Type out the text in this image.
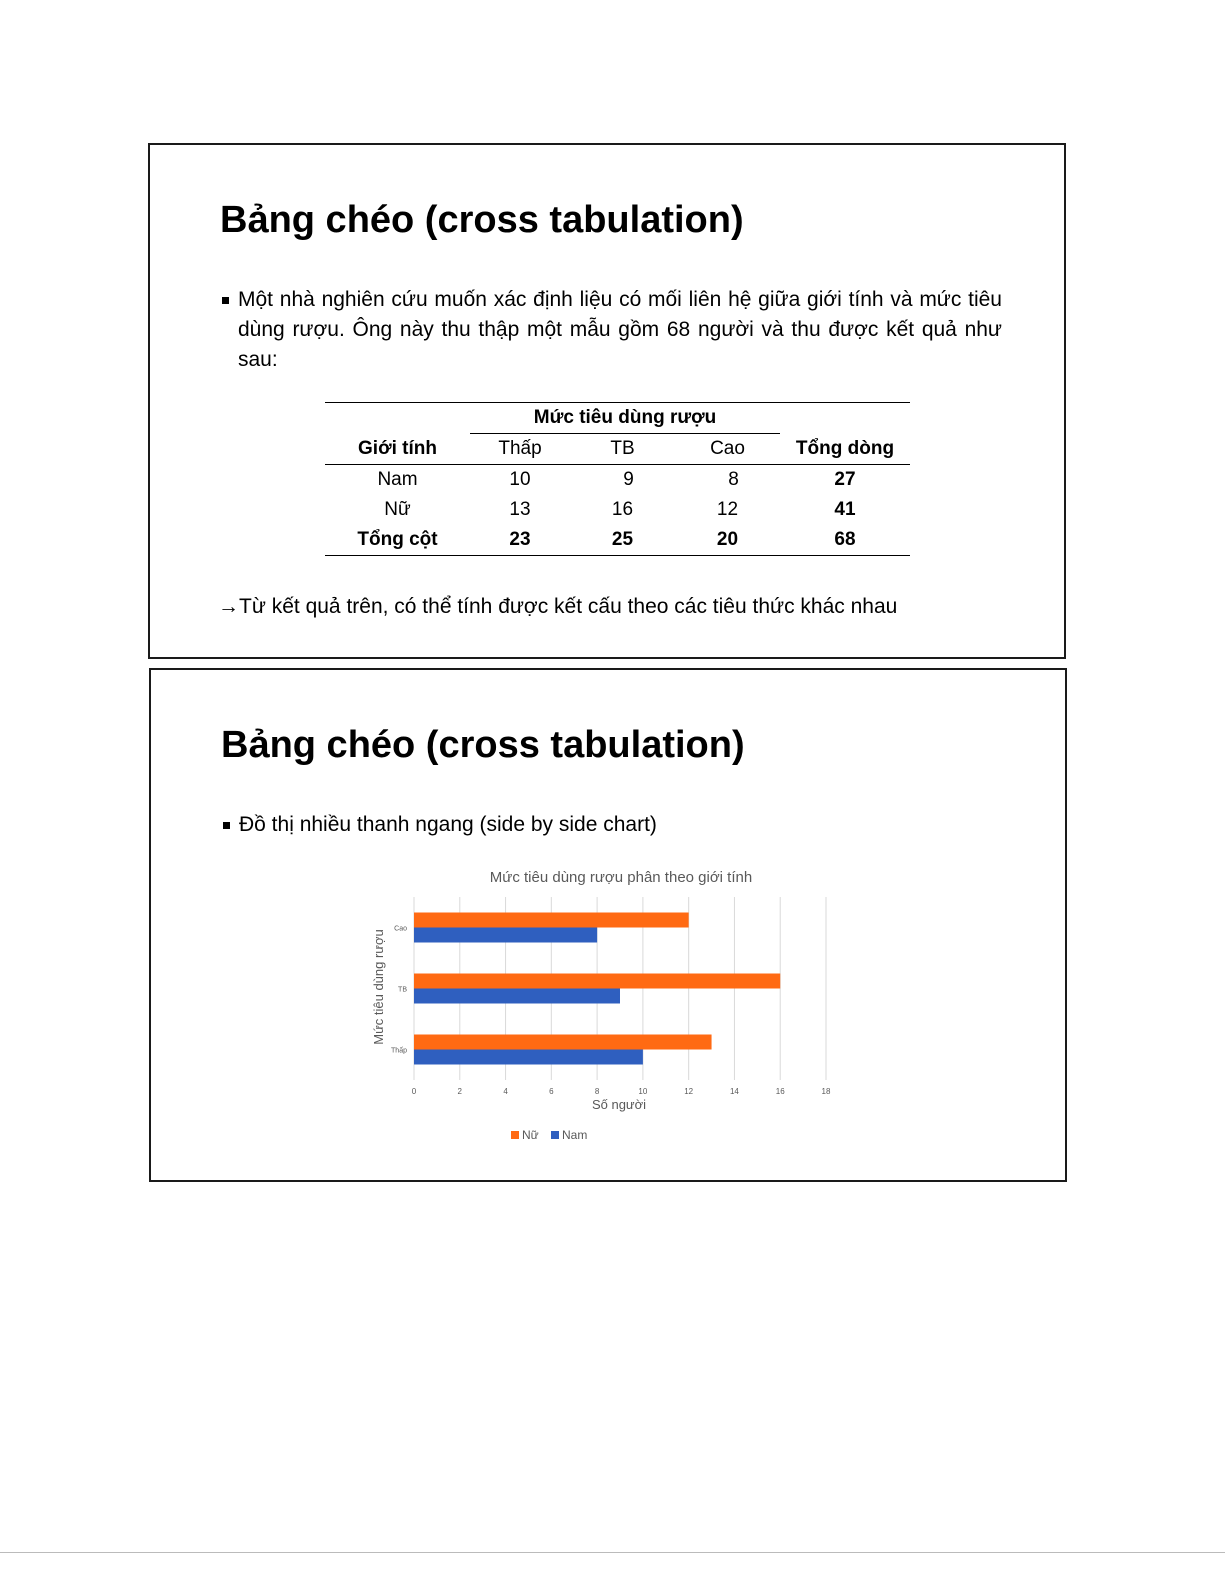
Bảng chéo (cross tabulation)
Một nhà nghiên cứu muốn xác định liệu có mối liên hệ giữa giới tính và mức tiêu dùng rượu. Ông này thu thập một mẫu gồm 68 người và thu được kết quả như sau:
	Mức tiêu dùng rượu			
Giới tính	Thấp	TB	Cao	Tổng dòng
Nam	10	9	8	27
Nữ	13	16	12	41
Tổng cột	23	25	20	68
→Từ kết quả trên, có thể tính được kết cấu theo các tiêu thức khác nhau
Bảng chéo (cross tabulation)
Đồ thị nhiều thanh ngang (side by side chart)
Mức tiêu dùng rượu phân theo giới tính
0	2	4	6	8	10	12	14	16	18
Thấp
TB
Cao
Số người
Mức tiêu dùng rượu
Nữ Nam
